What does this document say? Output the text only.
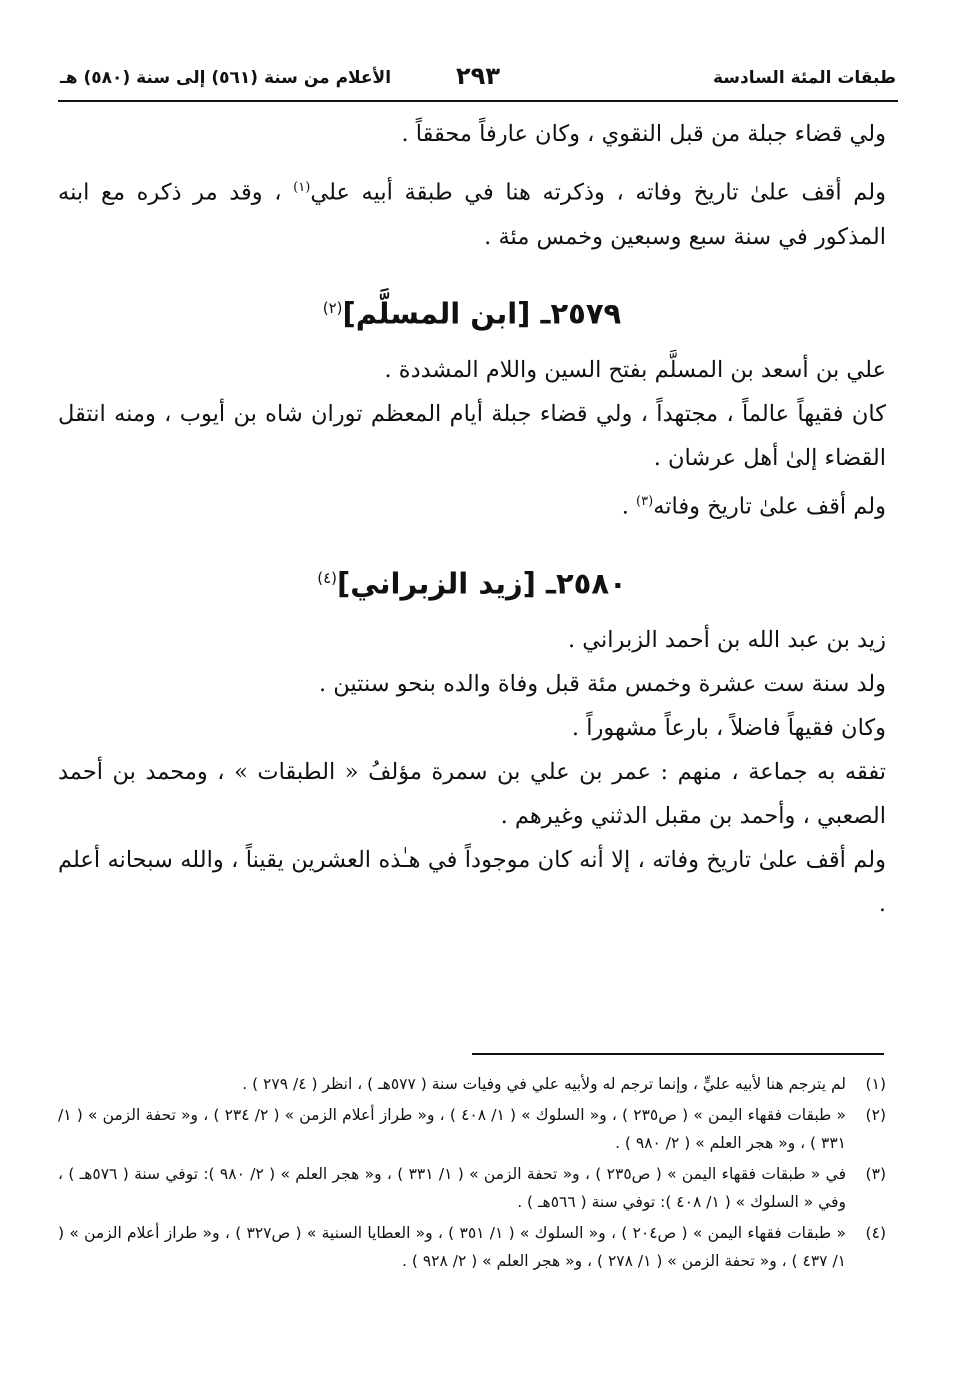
طبقات المئة السادسة
٢٩٣
الأعلام من سنة (٥٦١) إلى سنة (٥٨٠) هـ

ولي قضاء جبلة من قبل النقوي ، وكان عارفاً محققاً .

ولم أقف علىٰ تاريخ وفاته ، وذكرته هنا في طبقة أبيه علي$^{(١)}$ ، وقد مر ذكره مع ابنه المذكور في سنة سبع وسبعين وخمس مئة .

٢٥٧٩ـ [ابن المسلَّم]$^{(٢)}$

علي بن أسعد بن المسلَّم بفتح السين واللام المشددة .

كان فقيهاً عالماً ، مجتهداً ، ولي قضاء جبلة أيام المعظم توران شاه بن أيوب ، ومنه انتقل القضاء إلىٰ أهل عرشان .

ولم أقف علىٰ تاريخ وفاته$^{(٣)}$ .

٢٥٨٠ـ [زيد الزبراني]$^{(٤)}$

زيد بن عبد الله بن أحمد الزبراني .

ولد سنة ست عشرة وخمس مئة قبل وفاة والده بنحو سنتين .

وكان فقيهاً فاضلاً ، بارعاً مشهوراً .

تفقه به جماعة ، منهم : عمر بن علي بن سمرة مؤلفُ « الطبقات » ، ومحمد بن أحمد الصعبي ، وأحمد بن مقبل الدثني وغيرهم .

ولم أقف علىٰ تاريخ وفاته ، إلا أنه كان موجوداً في هـٰذه العشرين يقيناً ، والله سبحانه أعلم .

(١)
لم يترجم هنا لأبيه عليٍّ ، وإنما ترجم له ولأبيه علي في وفيات سنة ( ٥٧٧هـ ) ، انظر ( ٤/ ٢٧٩ ) .
(٢)
« طبقات فقهاء اليمن » ( ص٢٣٥ ) ، و« السلوك » ( ١/ ٤٠٨ ) ، و« طراز أعلام الزمن » ( ٢/ ٢٣٤ ) ، و« تحفة الزمن » ( ١/ ٣٣١ ) ، و« هجر العلم » ( ٢/ ٩٨٠ ) .
(٣)
في « طبقات فقهاء اليمن » ( ص٢٣٥ ) ، و« تحفة الزمن » ( ١/ ٣٣١ ) ، و« هجر العلم » ( ٢/ ٩٨٠ ): توفي سنة ( ٥٧٦هـ ) ، وفي « السلوك » ( ١/ ٤٠٨ ): توفي سنة ( ٥٦٦هـ ) .
(٤)
« طبقات فقهاء اليمن » ( ص٢٠٤ ) ، و« السلوك » ( ١/ ٣٥١ ) ، و« العطايا السنية » ( ص٣٢٧ ) ، و« طراز أعلام الزمن » ( ١/ ٤٣٧ ) ، و« تحفة الزمن » ( ١/ ٢٧٨ ) ، و« هجر العلم » ( ٢/ ٩٢٨ ) .
